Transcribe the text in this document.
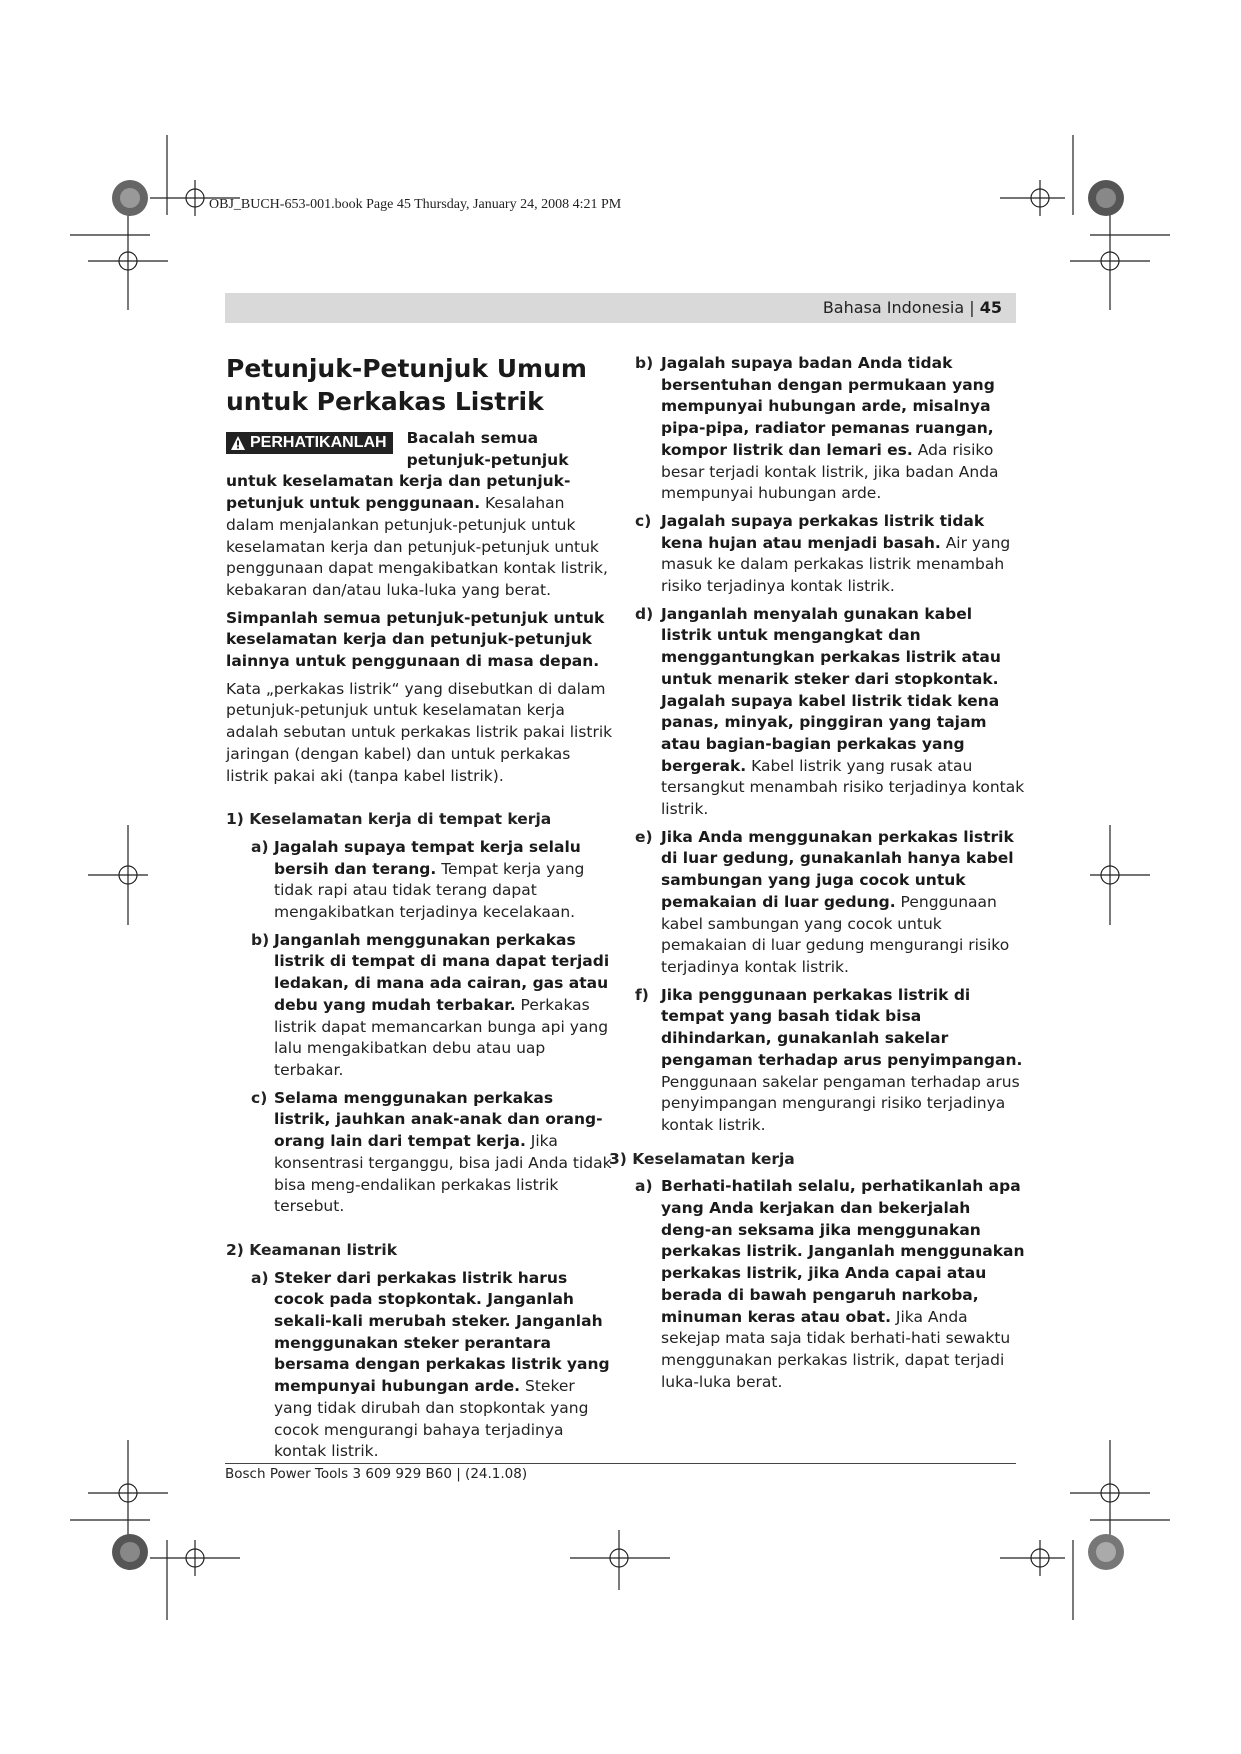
OBJ_BUCH-653-001.book Page 45 Thursday, January 24, 2008 4:21 PM
Bahasa Indonesia | 45
Petunjuk-Petunjuk Umum
untuk Perkakas Listrik

PERHATIKANLAH Bacalah semua petunjuk-petunjuk untuk keselamatan kerja dan petunjuk-petunjuk untuk penggunaan. Kesalahan dalam menjalankan petunjuk-petunjuk untuk keselamatan kerja dan petunjuk-petunjuk untuk penggunaan dapat mengakibatkan kontak listrik, kebakaran dan/atau luka-luka yang berat.

Simpanlah semua petunjuk-petunjuk untuk keselamatan kerja dan petunjuk-petunjuk lainnya untuk penggunaan di masa depan.

Kata „perkakas listrik“ yang disebutkan di dalam petunjuk-petunjuk untuk keselamatan kerja adalah sebutan untuk perkakas listrik pakai listrik jaringan (dengan kabel) dan untuk perkakas listrik pakai aki (tanpa kabel listrik).

1) Keselamatan kerja di tempat kerja
a) Jagalah supaya tempat kerja selalu bersih dan terang. Tempat kerja yang tidak rapi atau tidak terang dapat mengakibatkan terjadinya kecelakaan.
b) Janganlah menggunakan perkakas listrik di tempat di mana dapat terjadi ledakan, di mana ada cairan, gas atau debu yang mudah terbakar. Perkakas listrik dapat memancarkan bunga api yang lalu mengakibatkan debu atau uap terbakar.
c) Selama menggunakan perkakas listrik, jauhkan anak-anak dan orang-orang lain dari tempat kerja. Jika konsentrasi terganggu, bisa jadi Anda tidak bisa meng-endalikan perkakas listrik tersebut.
2) Keamanan listrik
a) Steker dari perkakas listrik harus cocok pada stopkontak. Janganlah sekali-kali merubah steker. Janganlah menggunakan steker perantara bersama dengan perkakas listrik yang mempunyai hubungan arde. Steker yang tidak dirubah dan stopkontak yang cocok mengurangi bahaya terjadinya kontak listrik.
b) Jagalah supaya badan Anda tidak bersentuhan dengan permukaan yang mempunyai hubungan arde, misalnya pipa-pipa, radiator pemanas ruangan, kompor listrik dan lemari es. Ada risiko besar terjadi kontak listrik, jika badan Anda mempunyai hubungan arde.
c) Jagalah supaya perkakas listrik tidak kena hujan atau menjadi basah. Air yang masuk ke dalam perkakas listrik menambah risiko terjadinya kontak listrik.
d) Janganlah menyalah gunakan kabel listrik untuk mengangkat dan menggantungkan perkakas listrik atau untuk menarik steker dari stopkontak. Jagalah supaya kabel listrik tidak kena panas, minyak, pinggiran yang tajam atau bagian-bagian perkakas yang bergerak. Kabel listrik yang rusak atau tersangkut menambah risiko terjadinya kontak listrik.
e) Jika Anda menggunakan perkakas listrik di luar gedung, gunakanlah hanya kabel sambungan yang juga cocok untuk pemakaian di luar gedung. Penggunaan kabel sambungan yang cocok untuk pemakaian di luar gedung mengurangi risiko terjadinya kontak listrik.
f) Jika penggunaan perkakas listrik di tempat yang basah tidak bisa dihindarkan, gunakanlah sakelar pengaman terhadap arus penyimpangan. Penggunaan sakelar pengaman terhadap arus penyimpangan mengurangi risiko terjadinya kontak listrik.
3) Keselamatan kerja
a) Berhati-hatilah selalu, perhatikanlah apa yang Anda kerjakan dan bekerjalah deng-an seksama jika menggunakan perkakas listrik. Janganlah menggunakan perkakas listrik, jika Anda capai atau berada di bawah pengaruh narkoba, minuman keras atau obat. Jika Anda sekejap mata saja tidak berhati-hati sewaktu menggunakan perkakas listrik, dapat terjadi luka-luka berat.
Bosch Power Tools 3 609 929 B60 | (24.1.08)
